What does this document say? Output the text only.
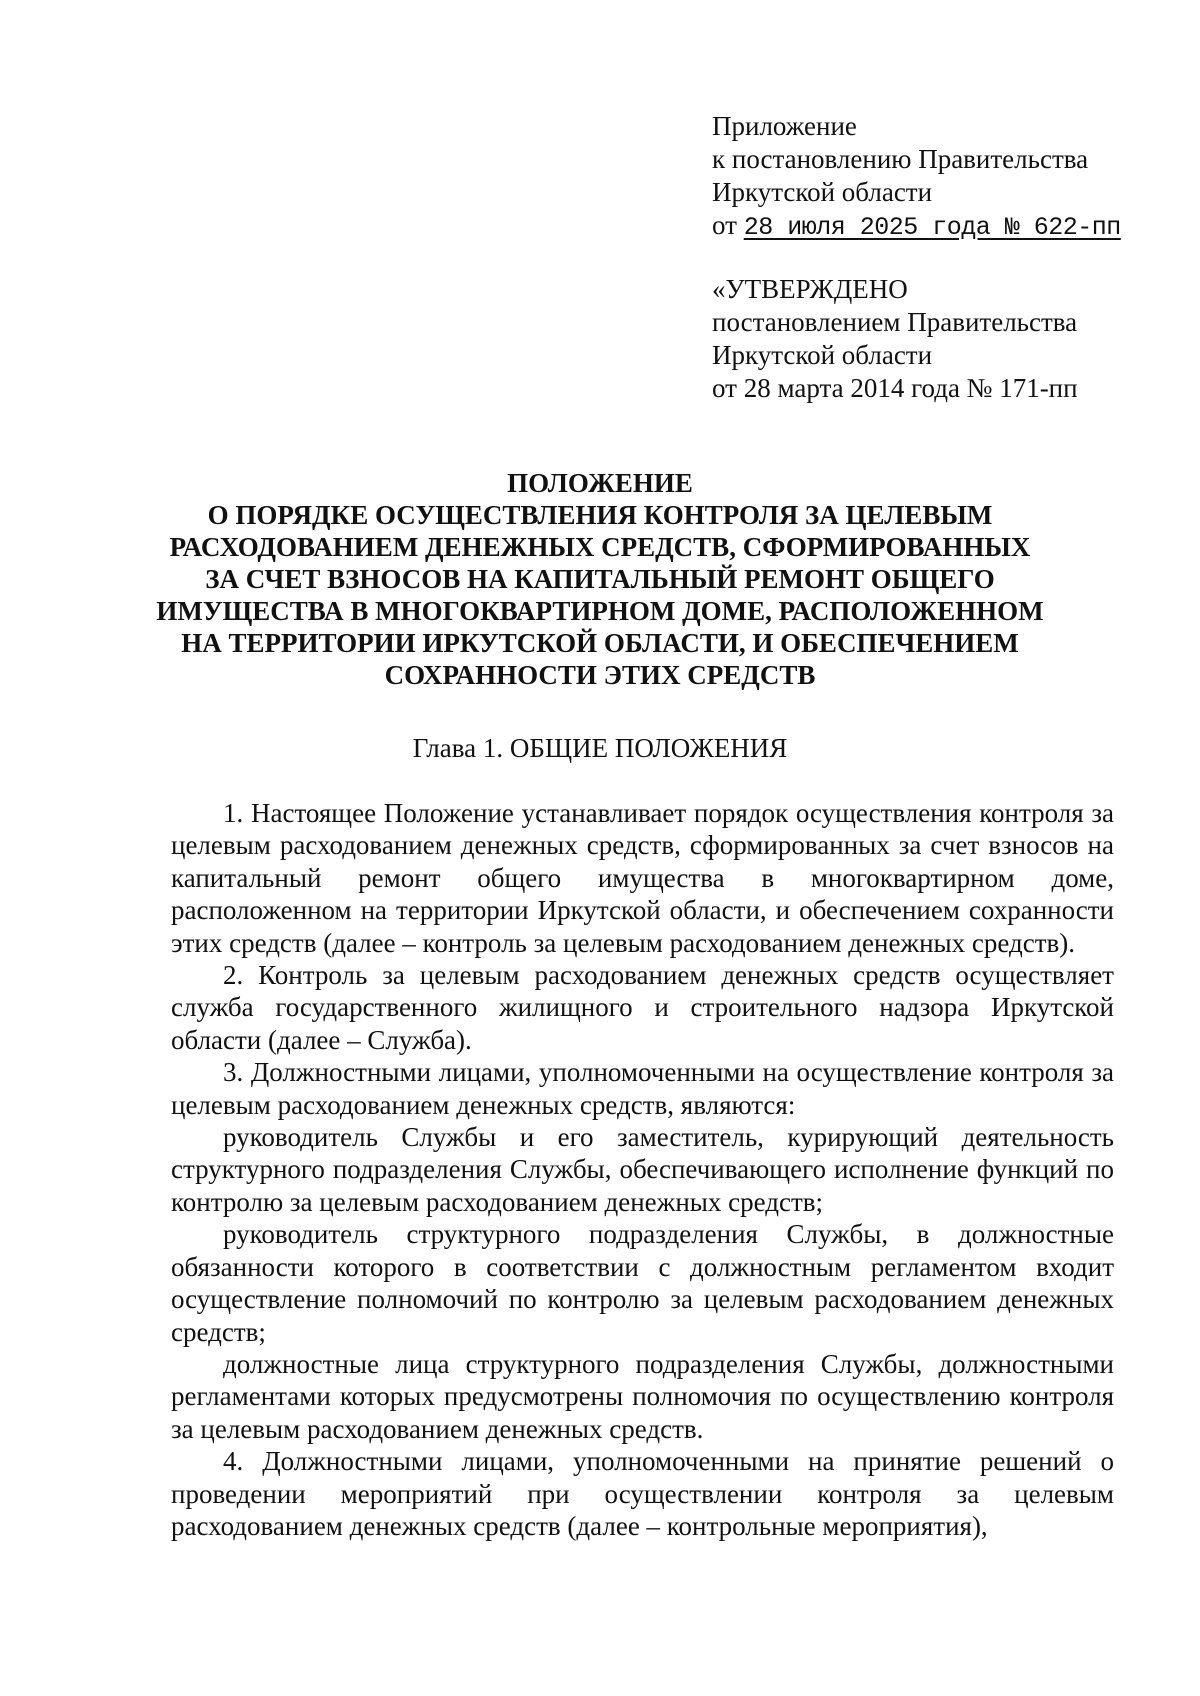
Приложение
к постановлению Правительства
Иркутской области
от 28 июля 2025 года № 622-пп
«УТВЕРЖДЕНО
постановлением Правительства
Иркутской области
от 28 марта 2014 года № 171-пп
ПОЛОЖЕНИЕ
О ПОРЯДКЕ ОСУЩЕСТВЛЕНИЯ КОНТРОЛЯ ЗА ЦЕЛЕВЫМ
РАСХОДОВАНИЕМ ДЕНЕЖНЫХ СРЕДСТВ, СФОРМИРОВАННЫХ
ЗА СЧЕТ ВЗНОСОВ НА КАПИТАЛЬНЫЙ РЕМОНТ ОБЩЕГО
ИМУЩЕСТВА В МНОГОКВАРТИРНОМ ДОМЕ, РАСПОЛОЖЕННОМ
НА ТЕРРИТОРИИ ИРКУТСКОЙ ОБЛАСТИ, И ОБЕСПЕЧЕНИЕМ
СОХРАННОСТИ ЭТИХ СРЕДСТВ
Глава 1. ОБЩИЕ ПОЛОЖЕНИЯ

1. Настоящее Положение устанавливает порядок осуществления контроля за целевым расходованием денежных средств, сформированных за счет взносов на капитальный ремонт общего имущества в многоквартирном доме, расположенном на территории Иркутской области, и обеспечением сохранности этих средств (далее – контроль за целевым расходованием денежных средств).

2. Контроль за целевым расходованием денежных средств осуществляет служба государственного жилищного и строительного надзора Иркутской области (далее – Служба).

3. Должностными лицами, уполномоченными на осуществление контроля за целевым расходованием денежных средств, являются:

руководитель Службы и его заместитель, курирующий деятельность структурного подразделения Службы, обеспечивающего исполнение функций по контролю за целевым расходованием денежных средств;

руководитель структурного подразделения Службы, в должностные обязанности которого в соответствии с должностным регламентом входит осуществление полномочий по контролю за целевым расходованием денежных средств;

должностные лица структурного подразделения Службы, должностными регламентами которых предусмотрены полномочия по осуществлению контроля за целевым расходованием денежных средств.

4. Должностными лицами, уполномоченными на принятие решений о проведении мероприятий при осуществлении контроля за целевым расходованием денежных средств (далее – контрольные мероприятия),
